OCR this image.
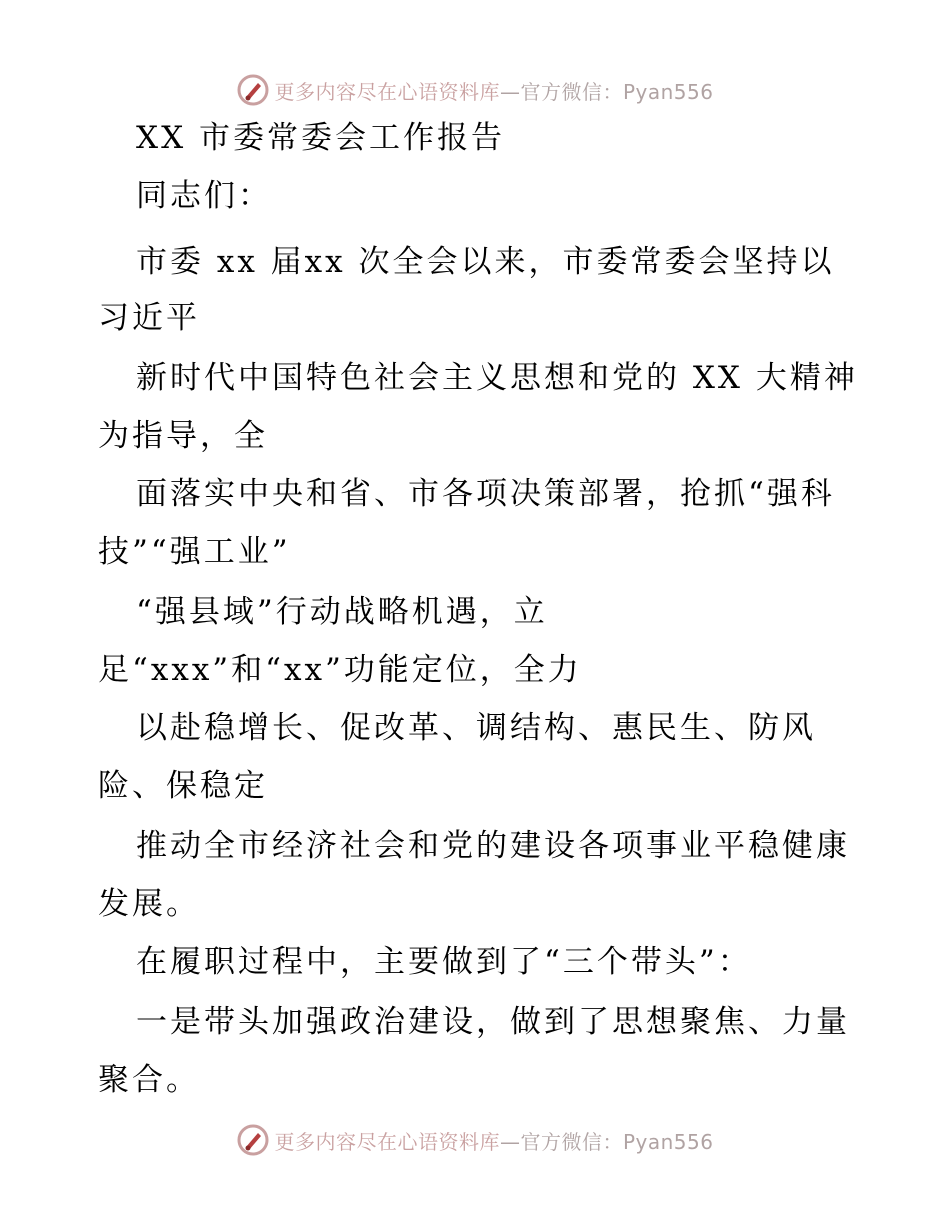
更多内容尽在心语资料库—官方微信：Pyan556
XX 市委常委会工作报告
同志们：
市委 xx 届xx 次全会以来，市委常委会坚持以
习近平
新时代中国特色社会主义思想和党的 XX 大精神
为指导，全
面落实中央和省、市各项决策部署，抢抓“强科
技”“强工业”
“强县域”行动战略机遇，立
足“xxx”和“xx”功能定位，全力
以赴稳增长、促改革、调结构、惠民生、防风
险、保稳定
推动全市经济社会和党的建设各项事业平稳健康
发展。
在履职过程中，主要做到了“三个带头”：
一是带头加强政治建设，做到了思想聚焦、力量
聚合。
更多内容尽在心语资料库—官方微信：Pyan556
